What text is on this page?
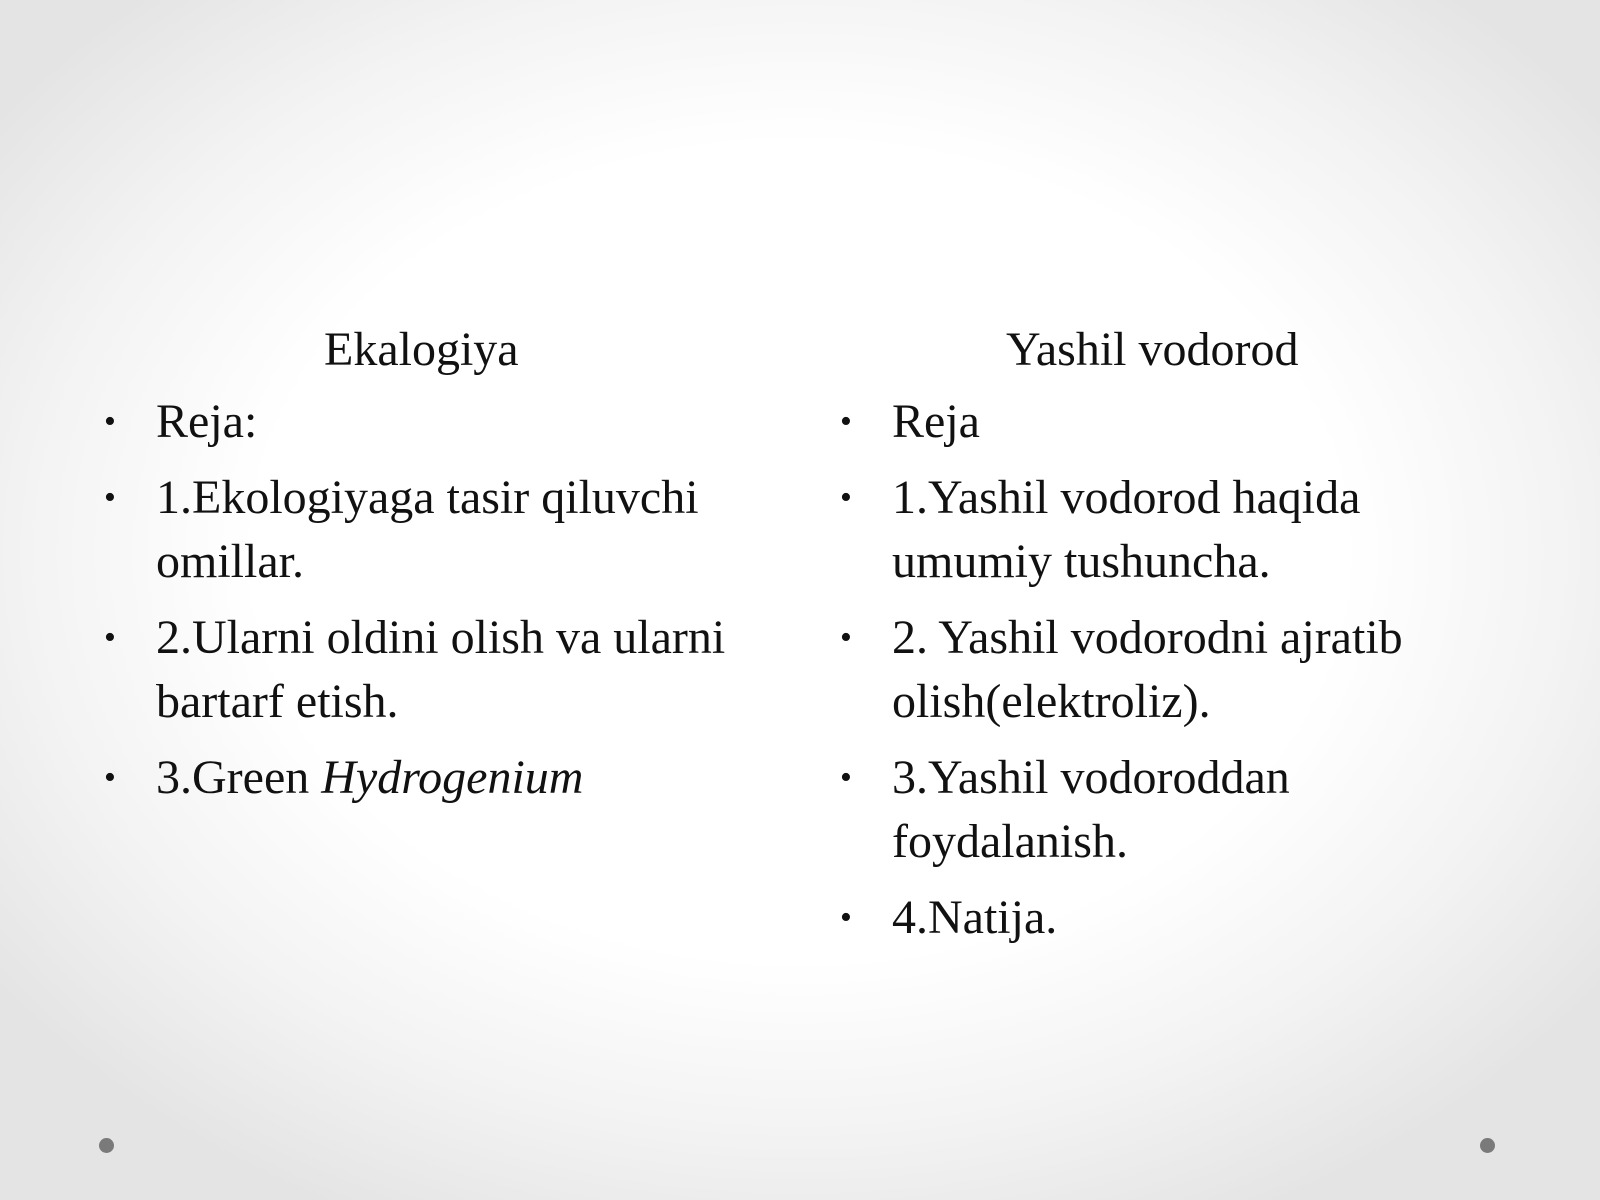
Ekalogiya
• Reja:
• 1.Ekologiyaga tasir qiluvchi omillar.
• 2.Ularni oldini olish va ularni bartarf etish.
• 3.Green Hydrogenium
Yashil vodorod
• Reja
• 1.Yashil vodorod haqida umumiy tushuncha.
• 2. Yashil vodorodni ajratib olish(elektroliz).
• 3.Yashil vodoroddan foydalanish.
• 4.Natija.
